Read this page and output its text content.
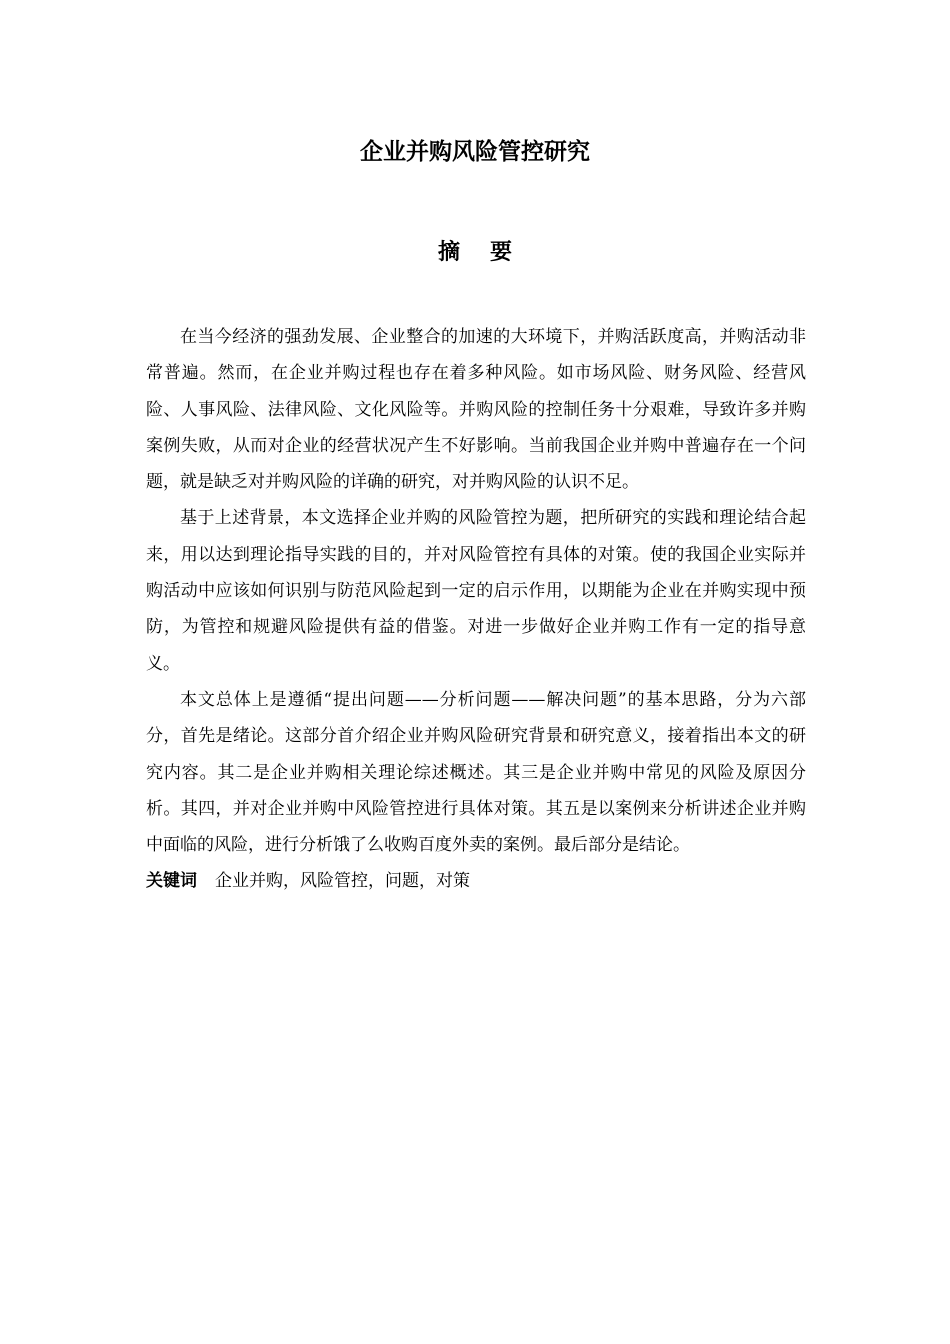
企业并购风险管控研究
摘要

在当今经济的强劲发展、企业整合的加速的大环境下，并购活跃度高，并购活动非常普遍。然而，在企业并购过程也存在着多种风险。如市场风险、财务风险、经营风险、人事风险、法律风险、文化风险等。并购风险的控制任务十分艰难，导致许多并购案例失败，从而对企业的经营状况产生不好影响。当前我国企业并购中普遍存在一个问题，就是缺乏对并购风险的详确的研究，对并购风险的认识不足。

基于上述背景，本文选择企业并购的风险管控为题，把所研究的实践和理论结合起来，用以达到理论指导实践的目的，并对风险管控有具体的对策。使的我国企业实际并购活动中应该如何识别与防范风险起到一定的启示作用，以期能为企业在并购实现中预防，为管控和规避风险提供有益的借鉴。对进一步做好企业并购工作有一定的指导意义。

本文总体上是遵循“提出问题——分析问题——解决问题”的基本思路，分为六部分，首先是绪论。这部分首介绍企业并购风险研究背景和研究意义，接着指出本文的研究内容。其二是企业并购相关理论综述概述。其三是企业并购中常见的风险及原因分析。其四，并对企业并购中风险管控进行具体对策。其五是以案例来分析讲述企业并购中面临的风险，进行分析饿了么收购百度外卖的案例。最后部分是结论。

关键词 企业并购，风险管控，问题，对策
